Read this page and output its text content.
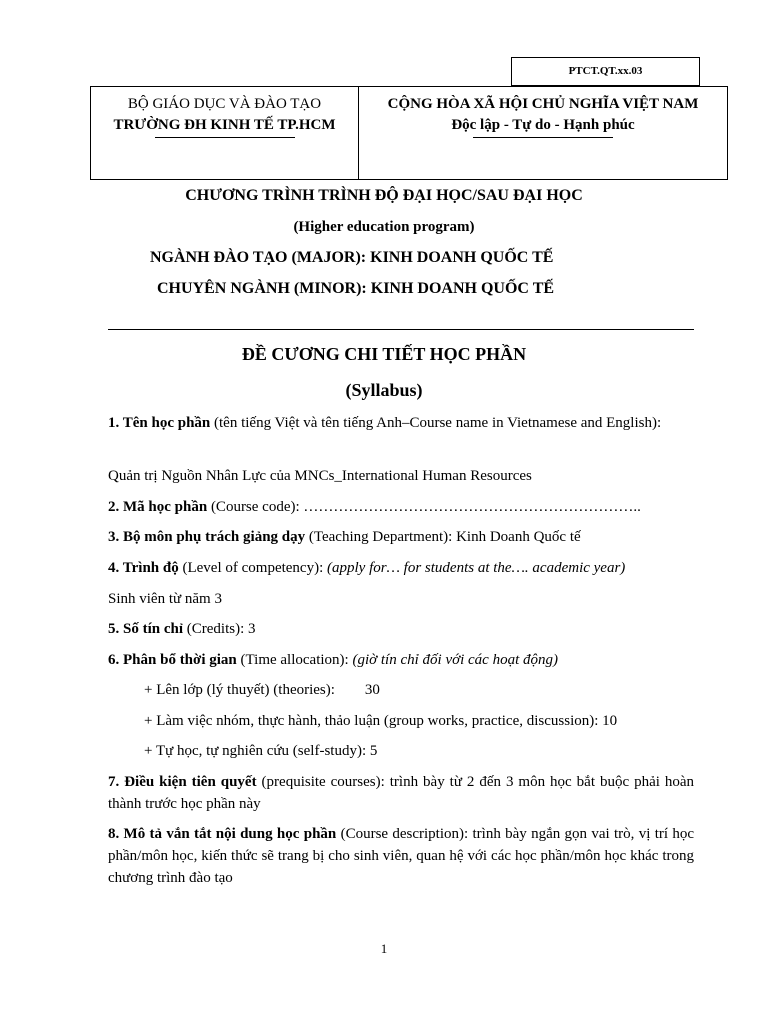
PTCT.QT.xx.03
BỘ GIÁO DỤC VÀ ĐÀO TẠO
TRƯỜNG ĐH KINH TẾ TP.HCM
CỘNG HÒA XÃ HỘI CHỦ NGHĨA VIỆT NAM
Độc lập - Tự do - Hạnh phúc
CHƯƠNG TRÌNH TRÌNH ĐỘ ĐẠI HỌC/SAU ĐẠI HỌC
(Higher education program)
NGÀNH ĐÀO TẠO (MAJOR): KINH DOANH QUỐC TẾ
CHUYÊN NGÀNH (MINOR): KINH DOANH QUỐC TẾ
ĐỀ CƯƠNG CHI TIẾT HỌC PHẦN
(Syllabus)
1. Tên học phần (tên tiếng Việt và tên tiếng Anh–Course name in Vietnamese and English):
Quản trị Nguồn Nhân Lực của MNCs_International Human Resources
2. Mã học phần (Course code): …………………………………………………………..
3. Bộ môn phụ trách giảng dạy (Teaching Department): Kinh Doanh Quốc tế
4. Trình độ (Level of competency): (apply for… for students at the…. academic year)
Sinh viên từ năm 3
5. Số tín chỉ (Credits): 3
6. Phân bổ thời gian (Time allocation): (giờ tín chỉ đối với các hoạt động)
+ Lên lớp (lý thuyết) (theories): 30
+ Làm việc nhóm, thực hành, thảo luận (group works, practice, discussion): 10
+ Tự học, tự nghiên cứu (self-study): 5
7. Điều kiện tiên quyết (prequisite courses): trình bày từ 2 đến 3 môn học bắt buộc phải hoàn thành trước học phần này
8. Mô tả vắn tắt nội dung học phần (Course description): trình bày ngắn gọn vai trò, vị trí học phần/môn học, kiến thức sẽ trang bị cho sinh viên, quan hệ với các học phần/môn học khác trong chương trình đào tạo
1
